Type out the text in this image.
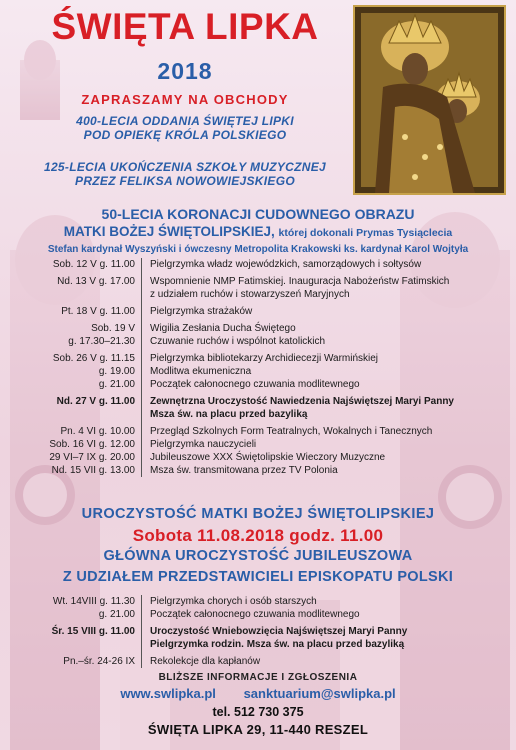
ŚWIĘTA LIPKA
2018
ZAPRASZAMY NA OBCHODY
400-LECIA ODDANIA ŚWIĘTEJ LIPKI
POD OPIEKĘ KRÓLA POLSKIEGO
125-LECIA UKOŃCZENIA SZKOŁY MUZYCZNEJ
PRZEZ FELIKSA NOWOWIEJSKIEGO
50-LECIA KORONACJI CUDOWNEGO OBRAZU
MATKI BOŻEJ ŚWIĘTOLIPSKIEJ, której dokonali Prymas Tysiąclecia
Stefan kardynał Wyszyński i ówczesny Metropolita Krakowski ks. kardynał Karol Wojtyła
Sob. 12 V g. 11.00	Pielgrzymka władz wojewódzkich, samorządowych i sołtysów
Nd. 13 V g. 17.00	Wspomnienie NMP Fatimskiej. Inauguracja Nabożeństw Fatimskich
z udziałem ruchów i stowarzyszeń Maryjnych
Pt. 18 V g. 11.00	Pielgrzymka strażaków
Sob. 19 V	Wigilia Zesłania Ducha Świętego
g. 17.30–21.30	Czuwanie ruchów i wspólnot katolickich
Sob. 26 V g. 11.15	Pielgrzymka bibliotekarzy Archidiecezji Warmińskiej
g. 19.00	Modlitwa ekumeniczna
g. 21.00	Początek całonocnego czuwania modlitewnego
Nd. 27 V g. 11.00	Zewnętrzna Uroczystość Nawiedzenia Najświętszej Maryi Panny
Msza św. na placu przed bazyliką
Pn. 4 VI g. 10.00	Przegląd Szkolnych Form Teatralnych, Wokalnych i Tanecznych
Sob. 16 VI g. 12.00	Pielgrzymka nauczycieli
29 VI–7 IX g. 20.00	Jubileuszowe XXX Świętolipskie Wieczory Muzyczne
Nd. 15 VII g. 13.00	Msza św. transmitowana przez TV Polonia
UROCZYSTOŚĆ MATKI BOŻEJ ŚWIĘTOLIPSKIEJ
Sobota 11.08.2018 godz. 11.00
GŁÓWNA UROCZYSTOŚĆ JUBILEUSZOWA
Z UDZIAŁEM PRZEDSTAWICIELI EPISKOPATU POLSKI
Wt. 14VIII g. 11.30	Pielgrzymka chorych i osób starszych
g. 21.00	Początek całonocnego czuwania modlitewnego
Śr. 15 VIII g. 11.00	Uroczystość Wniebowzięcia Najświętszej Maryi Panny
Pielgrzymka rodzin. Msza św. na placu przed bazyliką
Pn.–śr. 24-26 IX	Rekolekcje dla kapłanów
BLIŻSZE INFORMACJE I ZGŁOSZENIA
www.swlipka.pl sanktuarium@swlipka.pl
tel. 512 730 375
ŚWIĘTA LIPKA 29, 11-440 RESZEL
